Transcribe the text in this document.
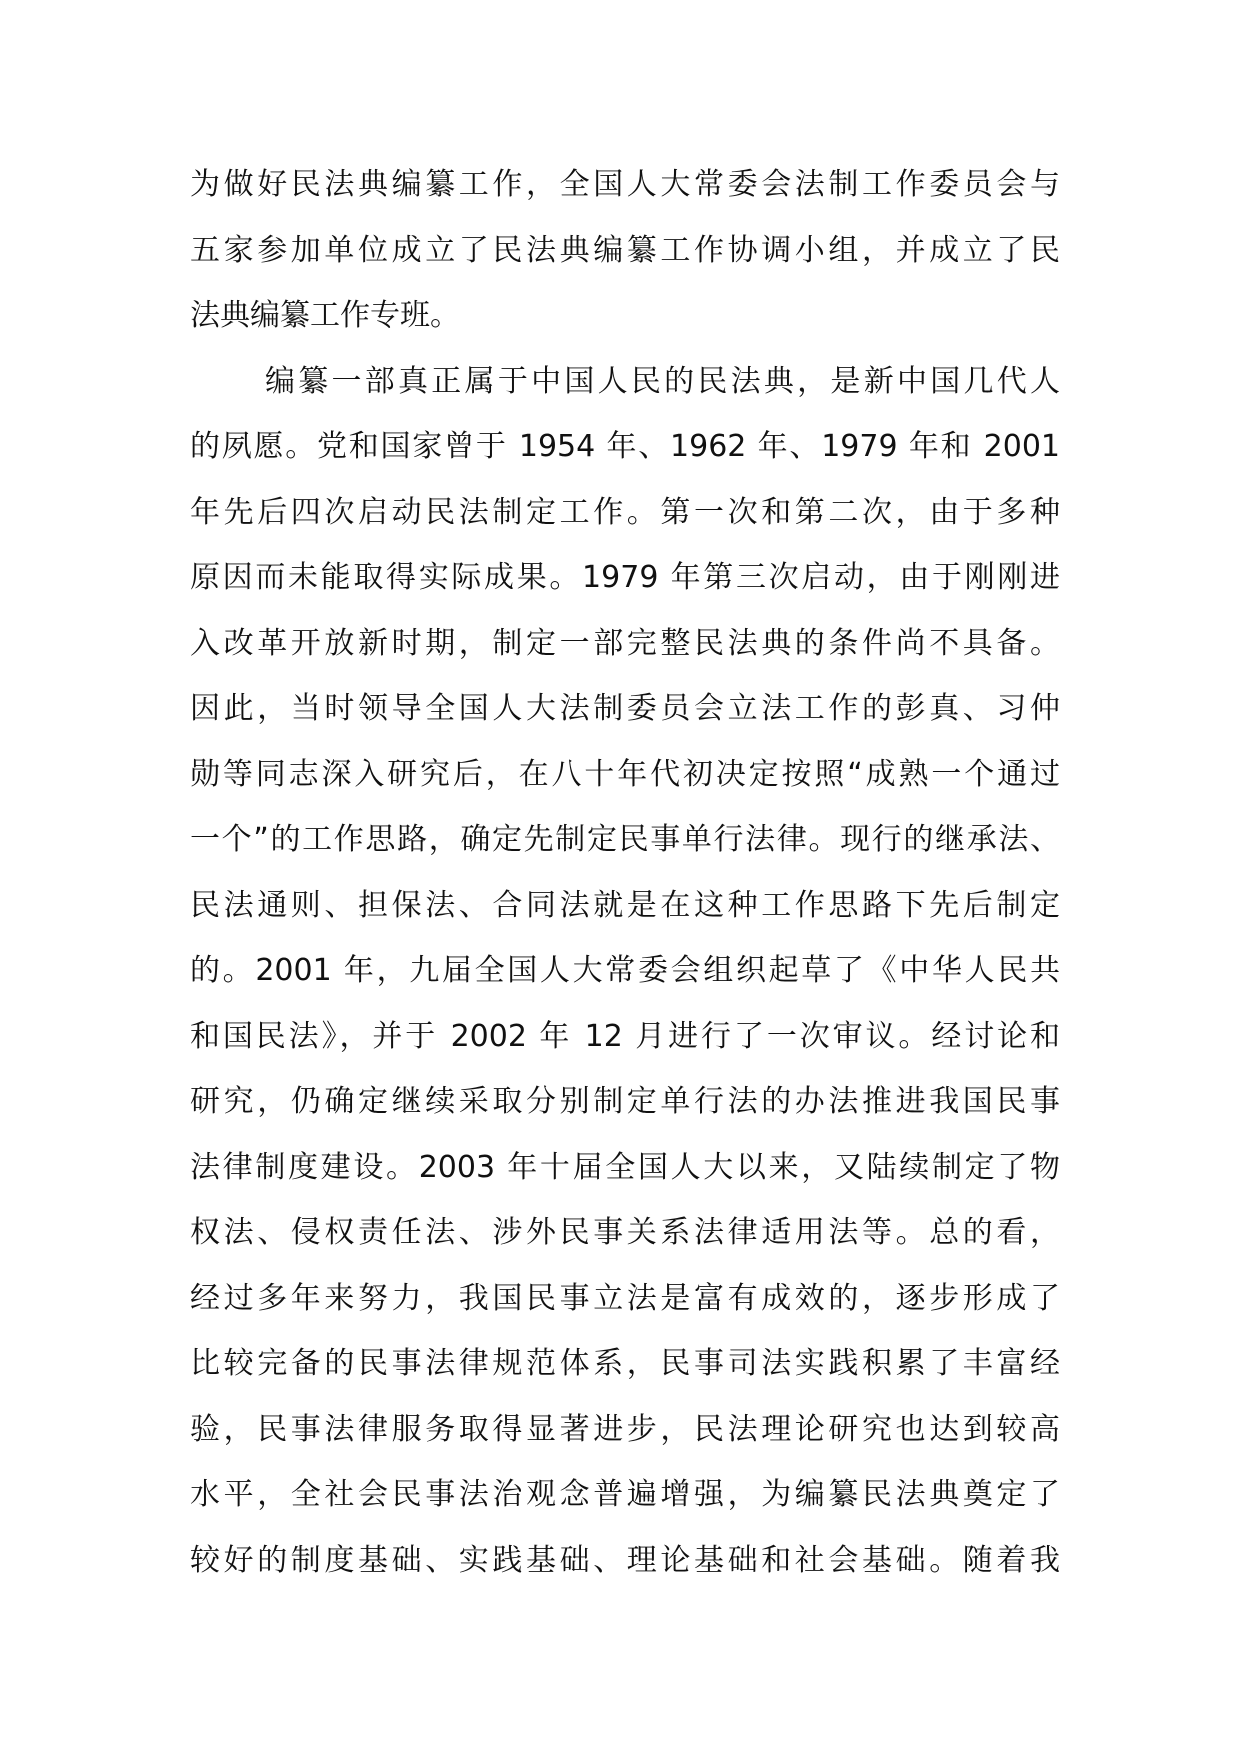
为做好民法典编纂工作，全国人大常委会法制工作委员会与
五家参加单位成立了民法典编纂工作协调小组，并成立了民
法典编纂工作专班。
编纂一部真正属于中国人民的民法典，是新中国几代人
的夙愿。党和国家曾于 1954 年、1962 年、1979 年和 2001
年先后四次启动民法制定工作。第一次和第二次，由于多种
原因而未能取得实际成果。1979 年第三次启动，由于刚刚进
入改革开放新时期，制定一部完整民法典的条件尚不具备。
因此，当时领导全国人大法制委员会立法工作的彭真、习仲
勋等同志深入研究后，在八十年代初决定按照“成熟一个通过
一个”的工作思路，确定先制定民事单行法律。现行的继承法、
民法通则、担保法、合同法就是在这种工作思路下先后制定
的。2001 年，九届全国人大常委会组织起草了《中华人民共
和国民法》，并于 2002 年 12 月进行了一次审议。经讨论和
研究，仍确定继续采取分别制定单行法的办法推进我国民事
法律制度建设。2003 年十届全国人大以来，又陆续制定了物
权法、侵权责任法、涉外民事关系法律适用法等。总的看，
经过多年来努力，我国民事立法是富有成效的，逐步形成了
比较完备的民事法律规范体系，民事司法实践积累了丰富经
验，民事法律服务取得显著进步，民法理论研究也达到较高
水平，全社会民事法治观念普遍增强，为编纂民法典奠定了
较好的制度基础、实践基础、理论基础和社会基础。随着我
